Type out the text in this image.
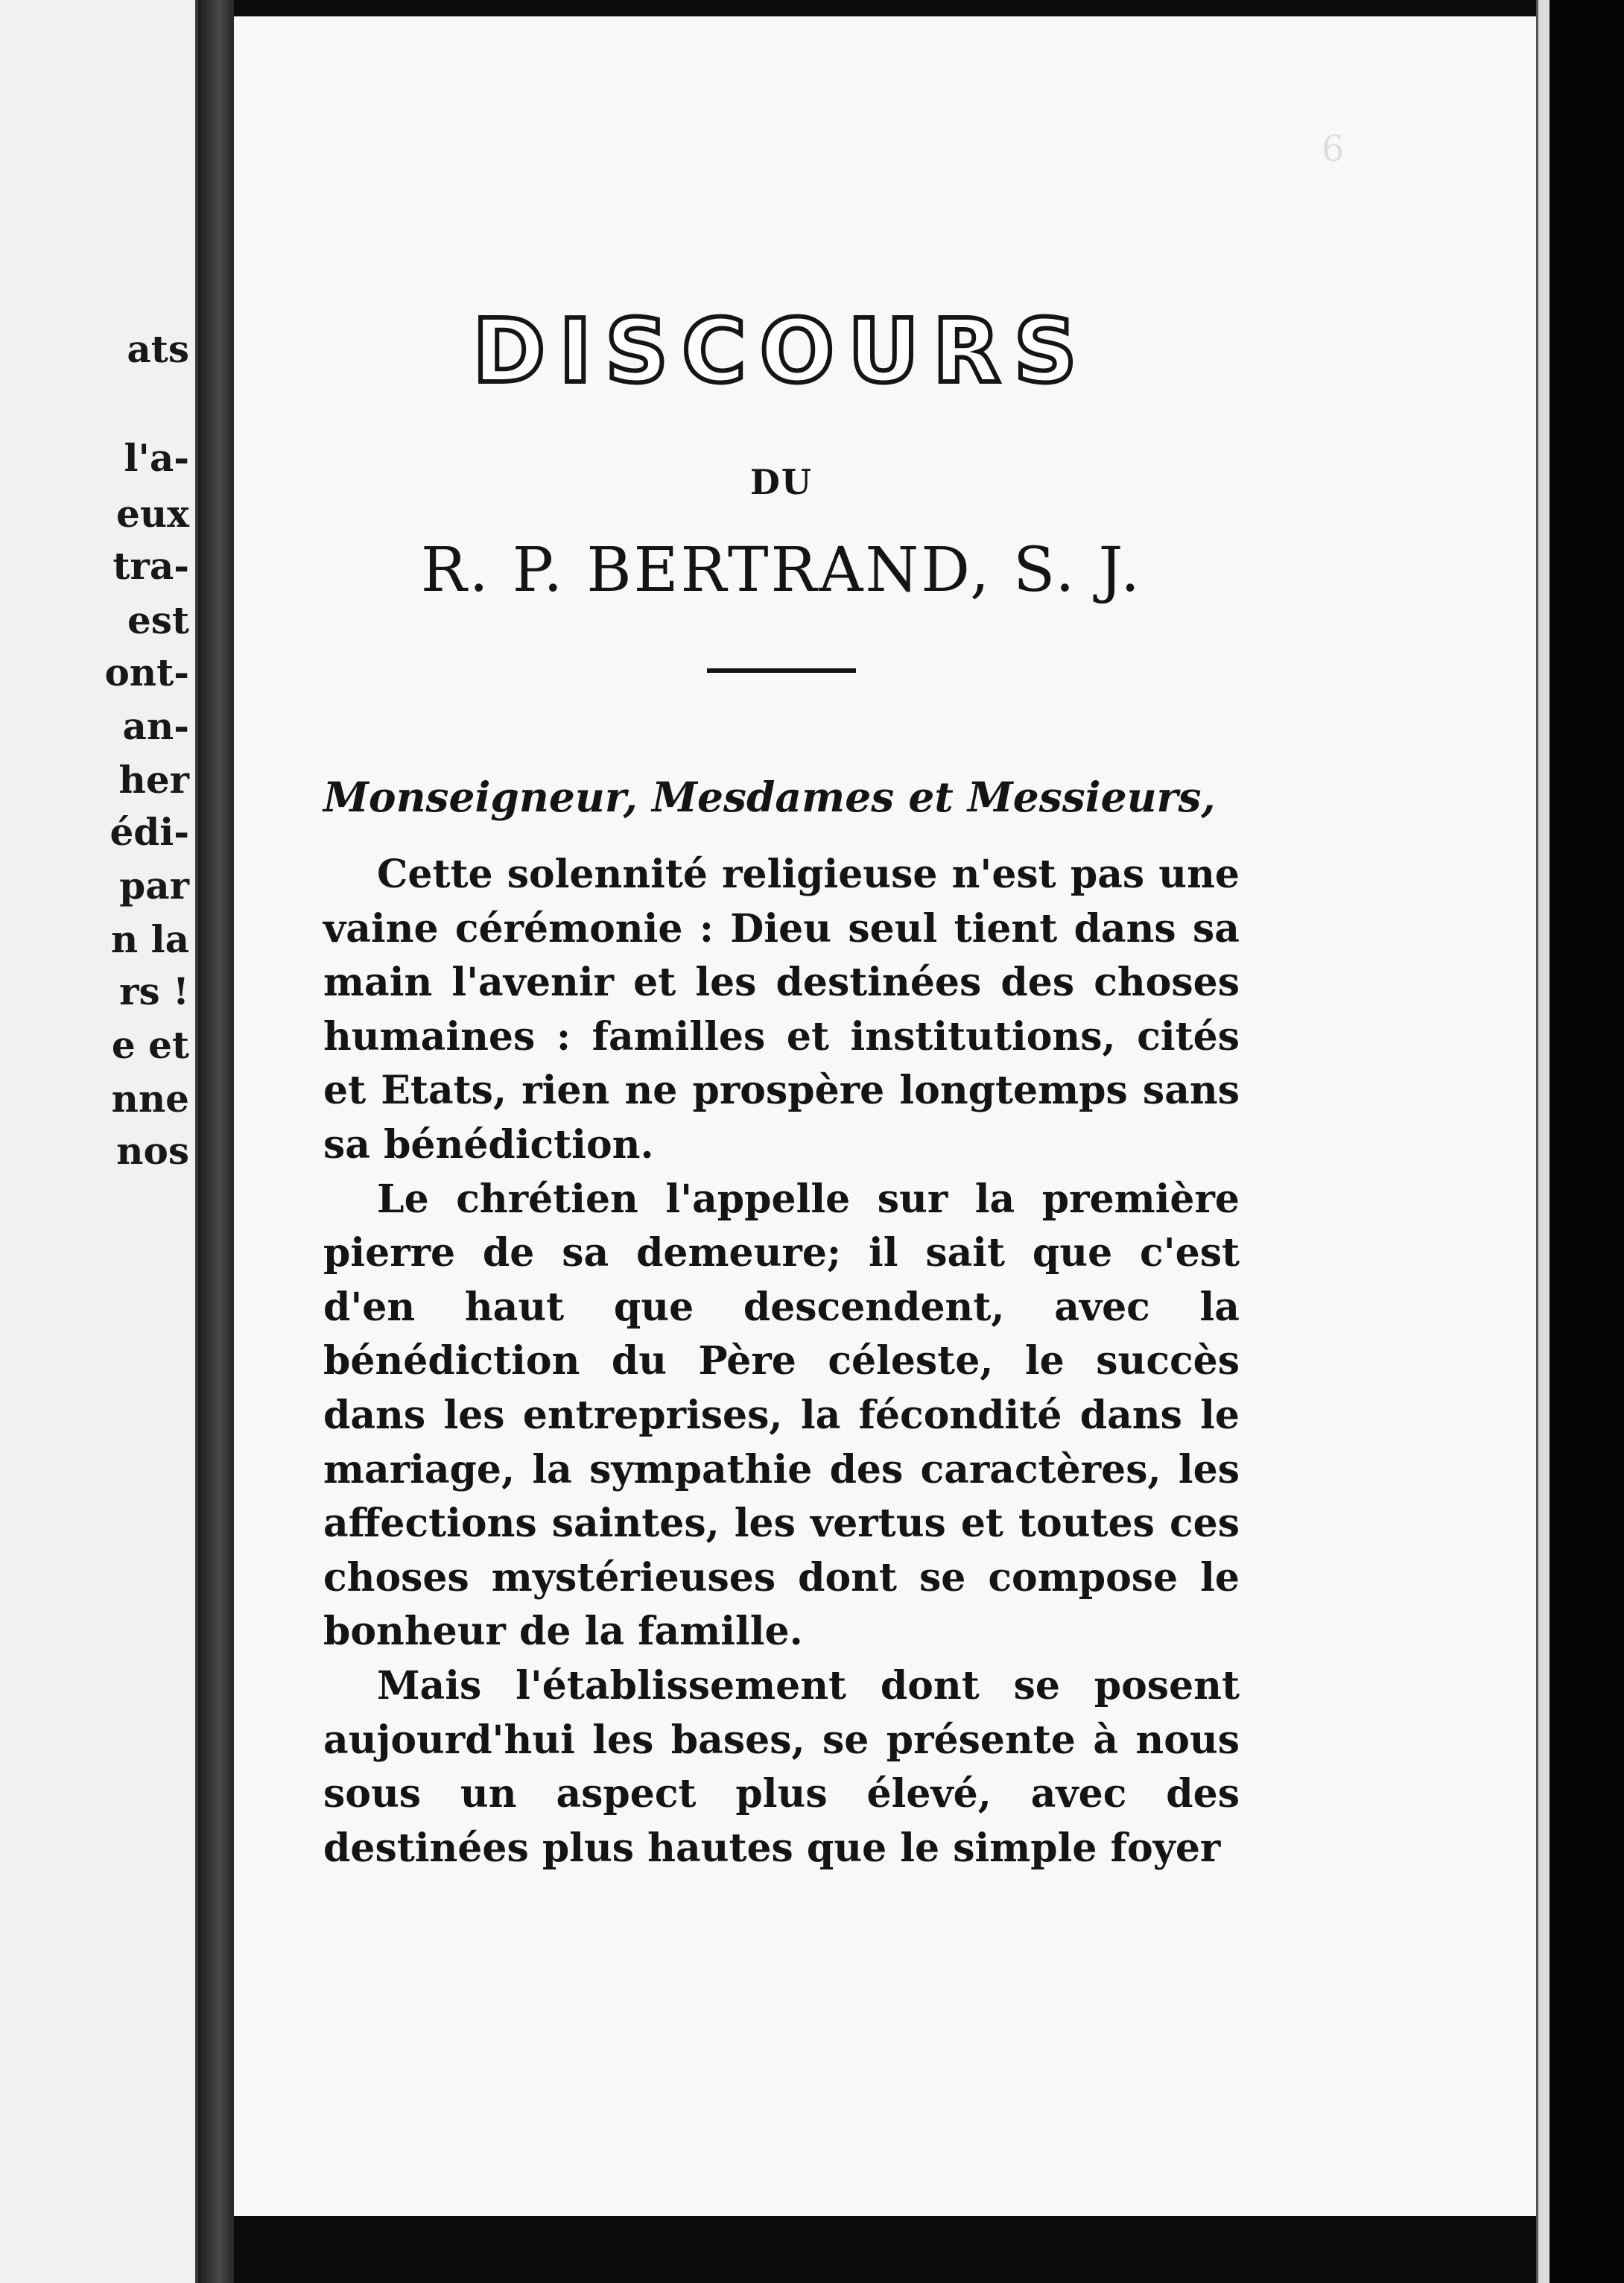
ats
l'a-
eux
tra-
est
ont-
an-
her
édi-
par
n la
rs !
e et
nne
nos
6
DISCOURS
DU
R. P. BERTRAND, S. J.
Monseigneur, Mesdames et Messieurs,

Cette solennité religieuse n'est pas une vaine cérémonie : Dieu seul tient dans sa main l'avenir et les destinées des choses humaines : familles et institutions, cités et Etats, rien ne prospère longtemps sans sa bénédiction.

Le chrétien l'appelle sur la première pierre de sa demeure; il sait que c'est d'en haut que descendent, avec la bénédiction du Père céleste, le succès dans les entreprises, la fécondité dans le mariage, la sympathie des caractères, les affections saintes, les vertus et toutes ces choses mystérieuses dont se compose le bonheur de la famille.

Mais l'établissement dont se posent aujourd'hui les bases, se présente à nous sous un aspect plus élevé, avec des destinées plus hautes que le simple foyer
